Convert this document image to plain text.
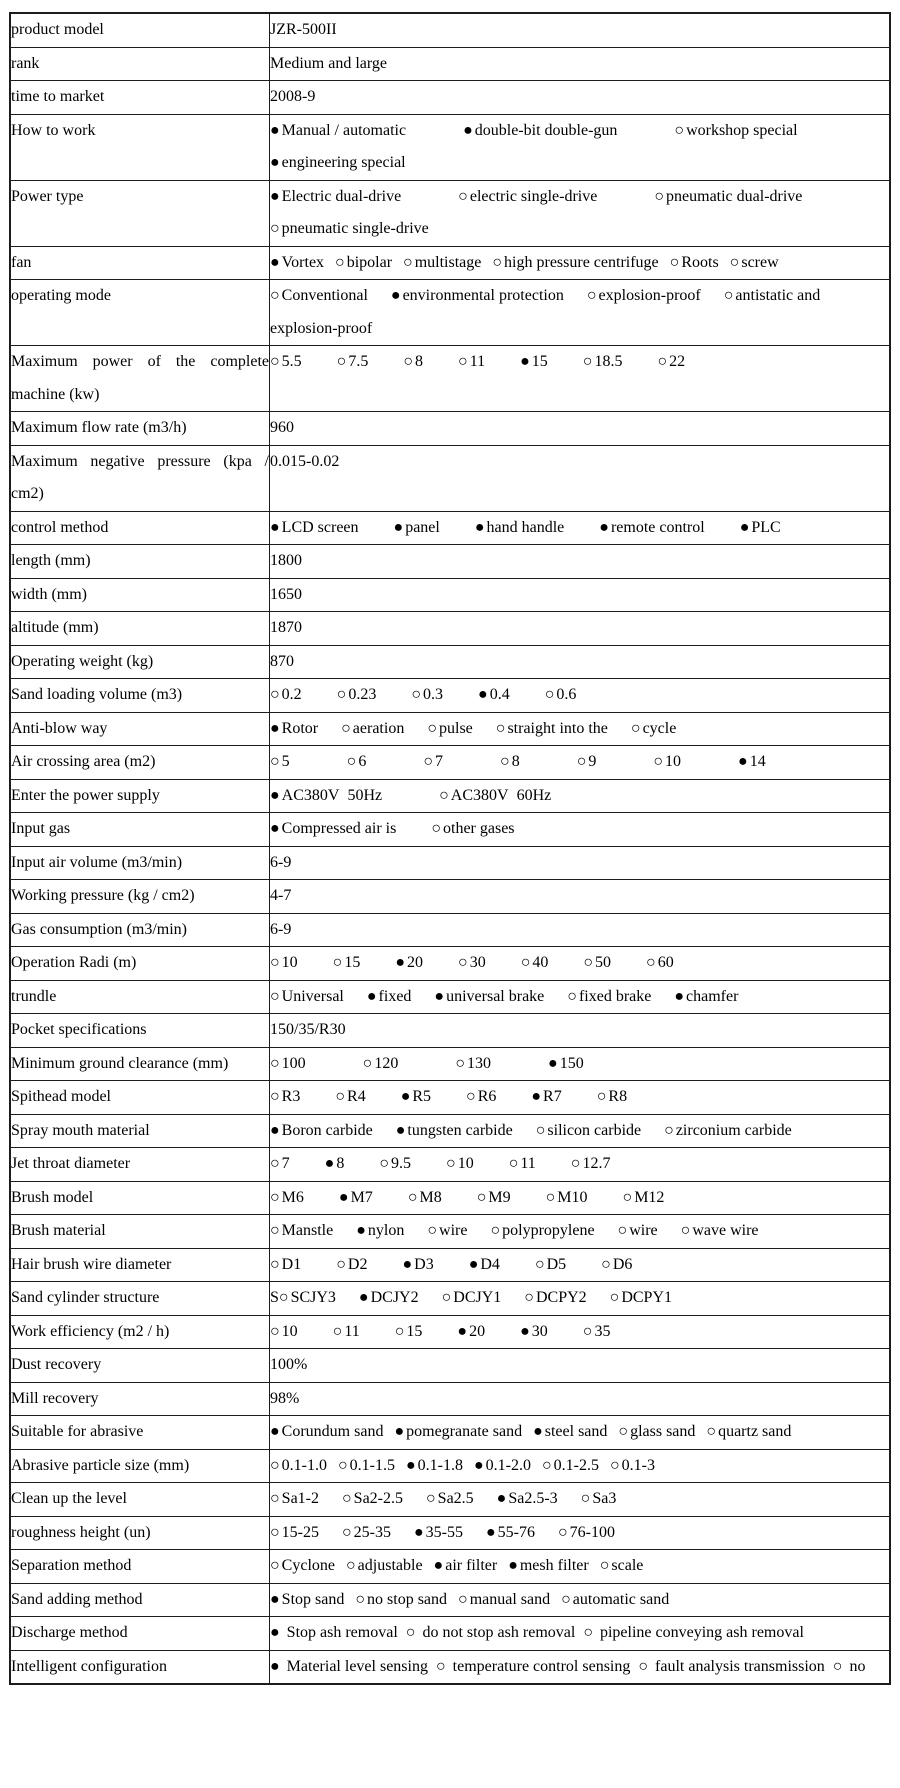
product model	JZR-500II
rank	Medium and large
time to market	2008-9
How to work	● Manual / automatic ● double-bit double-gun ○ workshop special ● engineering special
Power type	● Electric dual-drive ○ electric single-drive ○ pneumatic dual-drive ○ pneumatic single-drive
fan	● Vortex ○ bipolar ○ multistage ○ high pressure centrifuge ○ Roots ○ screw
operating mode	○ Conventional ● environmental protection ○ explosion-proof ○ antistatic and explosion-proof
Maximum power of the complete machine (kw)	○ 5.5 ○ 7.5 ○ 8 ○ 11 ● 15 ○ 18.5 ○ 22
Maximum flow rate (m3/h)	960
Maximum negative pressure (kpa / cm2)	0.015-0.02
control method	● LCD screen ● panel ● hand handle ● remote control ● PLC
length (mm)	1800
width (mm)	1650
altitude (mm)	1870
Operating weight (kg)	870
Sand loading volume (m3)	○ 0.2 ○ 0.23 ○ 0.3 ● 0.4 ○ 0.6
Anti-blow way	● Rotor ○ aeration ○ pulse ○ straight into the ○ cycle
Air crossing area (m2)	○ 5 ○ 6 ○ 7 ○ 8 ○ 9 ○ 10 ● 14
Enter the power supply	● AC380V  50Hz ○ AC380V  60Hz
Input gas	● Compressed air is ○ other gases
Input air volume (m3/min)	6-9
Working pressure (kg / cm2)	4-7
Gas consumption (m3/min)	6-9
Operation Radi (m)	○ 10 ○ 15 ● 20 ○ 30 ○ 40 ○ 50 ○ 60
trundle	○ Universal ● fixed ● universal brake ○ fixed brake ● chamfer
Pocket specifications	150/35/R30
Minimum ground clearance (mm)	○ 100 ○ 120 ○ 130 ● 150
Spithead model	○ R3 ○ R4 ● R5 ○ R6 ● R7 ○ R8
Spray mouth material	● Boron carbide ● tungsten carbide ○ silicon carbide ○ zirconium carbide
Jet throat diameter	○ 7 ● 8 ○ 9.5 ○ 10 ○ 11 ○ 12.7
Brush model	○ M6 ● M7 ○ M8 ○ M9 ○ M10 ○ M12
Brush material	○ Manstle ● nylon ○ wire ○ polypropylene ○ wire ○ wave wire
Hair brush wire diameter	○ D1 ○ D2 ● D3 ● D4 ○ D5 ○ D6
Sand cylinder structure	S○ SCJY3 ● DCJY2 ○ DCJY1 ○ DCPY2 ○ DCPY1
Work efficiency (m2 / h)	○ 10 ○ 11 ○ 15 ● 20 ● 30 ○ 35
Dust recovery	100%
Mill recovery	98%
Suitable for abrasive	● Corundum sand ● pomegranate sand ● steel sand ○ glass sand ○ quartz sand
Abrasive particle size (mm)	○ 0.1-1.0 ○ 0.1-1.5 ● 0.1-1.8 ● 0.1-2.0 ○ 0.1-2.5 ○ 0.1-3
Clean up the level	○ Sa1-2 ○ Sa2-2.5 ○ Sa2.5 ● Sa2.5-3 ○ Sa3
roughness height (un)	○ 15-25 ○ 25-35 ● 35-55 ● 55-76 ○ 76-100
Separation method	○ Cyclone ○ adjustable ● air filter ● mesh filter ○ scale
Sand adding method	● Stop sand ○ no stop sand ○ manual sand ○ automatic sand
Discharge method	● Stop ash removal ○ do not stop ash removal ○ pipeline conveying ash removal
Intelligent configuration	● Material level sensing ○ temperature control sensing ○ fault analysis transmission ○ no
